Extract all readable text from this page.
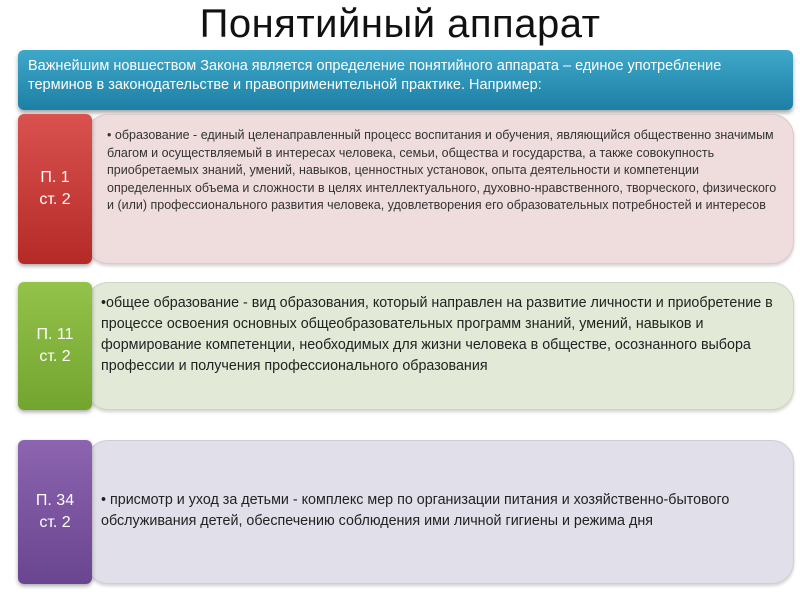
Понятийный аппарат
Важнейшим новшеством Закона является определение понятийного аппарата – единое употребление терминов в законодательстве и правоприменительной практике. Например:
• образование - единый целенаправленный процесс воспитания и обучения, являющийся общественно значимым благом и осуществляемый в интересах человека, семьи, общества и государства, а также совокупность приобретаемых знаний, умений, навыков, ценностных установок, опыта деятельности и компетенции определенных объема и сложности в целях интеллектуального, духовно-нравственного, творческого, физического и (или) профессионального развития человека, удовлетворения его образовательных потребностей и интересов
П. 1
ст. 2
•общее образование - вид образования, который направлен на развитие личности и приобретение в процессе освоения основных общеобразовательных программ знаний, умений, навыков и формирование компетенции, необходимых для жизни человека в обществе, осознанного выбора профессии и получения профессионального образования
П. 11
ст. 2
• присмотр и уход за детьми - комплекс мер по организации питания и хозяйственно-бытового обслуживания детей, обеспечению соблюдения ими личной гигиены и режима дня
П. 34
ст. 2
